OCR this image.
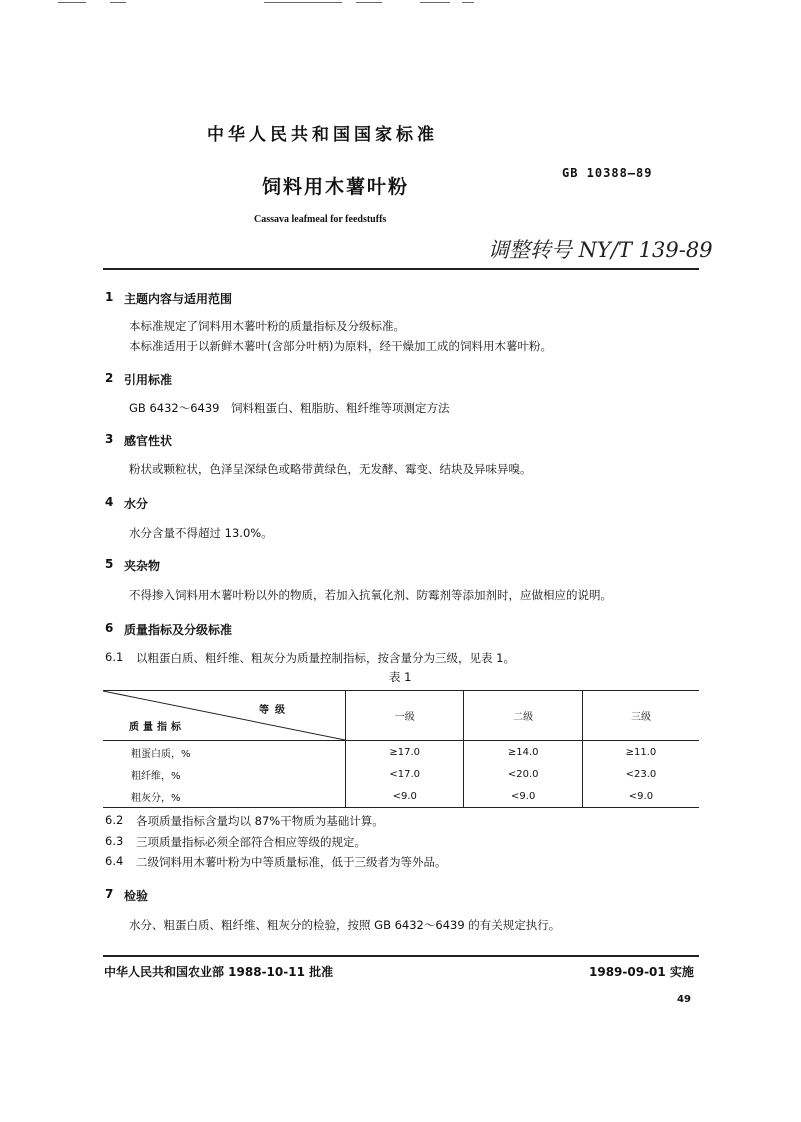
中华人民共和国国家标准
饲料用木薯叶粉
GB 10388—89
Cassava leafmeal for feedstuffs
调整转号 NY/T 139-89
1 主题内容与适用范围
本标准规定了饲料用木薯叶粉的质量指标及分级标准。
本标准适用于以新鲜木薯叶(含部分叶柄)为原料，经干燥加工成的饲料用木薯叶粉。
2 引用标准
GB 6432～6439　饲料粗蛋白、粗脂肪、粗纤维等项测定方法
3 感官性状
粉状或颗粒状，色泽呈深绿色或略带黄绿色，无发酵、霉变、结块及异味异嗅。
4 水分
水分含量不得超过 13.0%。
5 夹杂物
不得掺入饲料用木薯叶粉以外的物质，若加入抗氧化剂、防霉剂等添加剂时，应做相应的说明。
6 质量指标及分级标准
6.1 以粗蛋白质、粗纤维、粗灰分为质量控制指标，按含量分为三级，见表 1。
表 1
等级
质量指标	一级	二级	三级
粗蛋白质，%	≥17.0	≥14.0	≥11.0
粗纤维，%	<17.0	<20.0	<23.0
粗灰分，%	<9.0	<9.0	<9.0
6.2 各项质量指标含量均以 87%干物质为基础计算。
6.3 三项质量指标必须全部符合相应等级的规定。
6.4 二级饲料用木薯叶粉为中等质量标准，低于三级者为等外品。
7 检验
水分、粗蛋白质、粗纤维、粗灰分的检验，按照 GB 6432～6439 的有关规定执行。
中华人民共和国农业部 1988-10-11 批准	1989-09-01 实施
49
